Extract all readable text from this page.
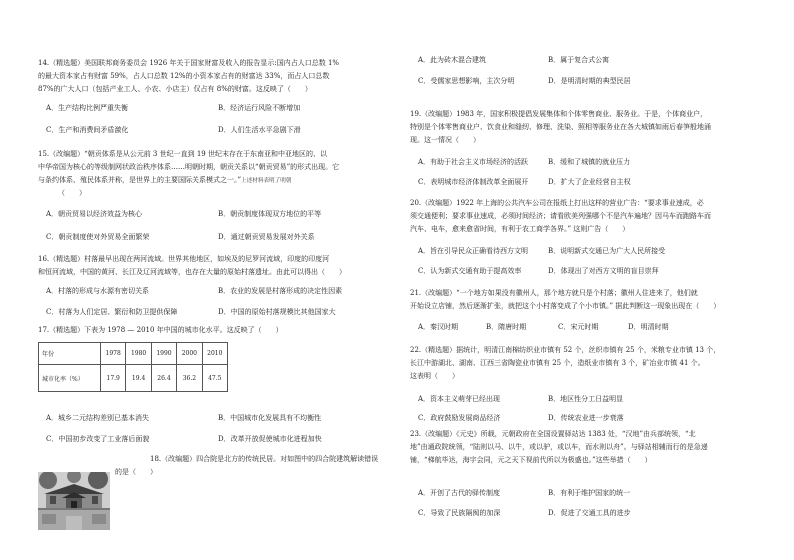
14.（精选题）美国联邦商务委员会 1926 年关于国家财富及收入的报告显示:国内占人口总数 1%
的最大资本家占有财富 59%，占人口总数 12%的小资本家占有的财富达 33%，而占人口总数
87%的广大人口（包括产业工人、小农、小店主）仅占有 8%的财富。这反映了（　　）
A．生产结构比例严重失衡	B．经济运行风险不断增加
C．生产和消费间矛盾激化	D．人们生活水平急剧下滑
15.（改编题）“朝贡体系是从公元前 3 世纪一直到 19 世纪末存在于东南亚和中亚地区的、以
中华帝国为核心的等级制网状政治秩序体系……明朝时期，朝贡关系以“朝贡贸易”的形式出现。它
与条约体系、殖民体系并称，是世界上的主要国际关系模式之一。”上述材料表明了明朝
（　　）
A．朝贡贸易以经济效益为核心	B．朝贡制度体现双方地位的平等
C．朝贡制度使对外贸易全面繁荣	D．通过朝贡贸易发展对外关系
16.（精选题）村落最早出现在两河流域。世界其他地区，如埃及的尼罗河流域，印度的印度河
和恒河流域，中国的黄河、长江及辽河流域等，也存在大量的原始村落遗址。由此可以得出（　　）
A．村落的形成与水源有密切关系	B．农业的发展是村落形成的决定性因素
C．村落为人们定居、繁衍和防卫提供保障	D．中国的原始村落规模比其他国家大
17.（精选题）下表为 1978 — 2010 年中国的城市化水平。这反映了（　　）
年份	1978	1980	1990	2000	2010
城市化率（%）	17.9	19.4	26.4	36.2	47.5
A．城乡二元结构差别已基本消失	B．中国城市化发展具有不均衡性
C．中国初步改变了工业落后面貌	D．改革开放促使城市化进程加快
18.（改编题）四合院是北方的传统民居。对如图中的四合院建筑解读错误
的是（　　）
A．此为砖木混合建筑	B．属于复合式公寓
C．受儒家思想影响，主次分明	D．是明清时期的典型民居
19.（改编题）1983 年，国家积极提倡发展集体和个体零售商业、服务业。于是，个体商业户，
特别是个体零售商业户、饮食业和缝纫、修理、洗染、照相等服务业在各大城镇如雨后春笋般地涌
现。这一情况（　　）
A．有助于社会主义市场经济的活跃	B．缓和了城镇的就业压力
C．表明城市经济体制改革全面展开	D．扩大了企业经营自主权
20.（改编题）1922 年上海的公共汽车公司在报纸上打出这样的营业广告：“要求事业速成，必
须交通便利；要求事业速成，必须时间经济；请看欧美列强哪个不是汽车遍地？因马车而跑路车而
汽车、电车，愈来愈省时间，有利于农工商学各界。” 这则广告（　　）
A．旨在引导民众正确看待西方文明	B．说明新式交通已为广大人民所接受
C．认为新式交通有助于提高效率	D．体现出了对西方文明的盲目崇拜
21.（改编题）“一个地方如果没有徽州人，那个地方就只是个村落；徽州人住进来了，他们就
开始设立店铺，然后逐渐扩张，就把这个小村落变成了个小市镇。” 据此判断这一现象出现在（　　）
A．秦汉时期	B．隋唐时期	C．宋元时期	D．明清时期
22.（精选题）据统计，明清江南棉纺织业市镇有 52 个，丝织市镇有 25 个，米粮专业市镇 13 个，
长江中游湖北、湖南、江西三省陶瓷业市镇有 25 个，造纸业市镇有 3 个，矿冶业市镇 41 个。
这表明（　　）
A．资本主义萌芽已经出现	B．地区性分工日益明显
C．政府鼓励发展商品经济	D．传统农业进一步衰落
23.（改编题）《元史》所载，元朝政府在全国设置驿站达 1383 处，“汉地”由兵部统领，“北
地”由通政院统领，“陆则以马、以牛，或以驴，或以车，而水则以舟”。与驿站相辅而行的是急递
铺，“梯航毕达，海宇会同，元之天下视前代所以为极盛也。”这些举措（　　）
A．开创了古代的驿传制度	B．有利于维护国家的统一
C．导致了民族隔阂的加深	D．促进了交通工具的进步
